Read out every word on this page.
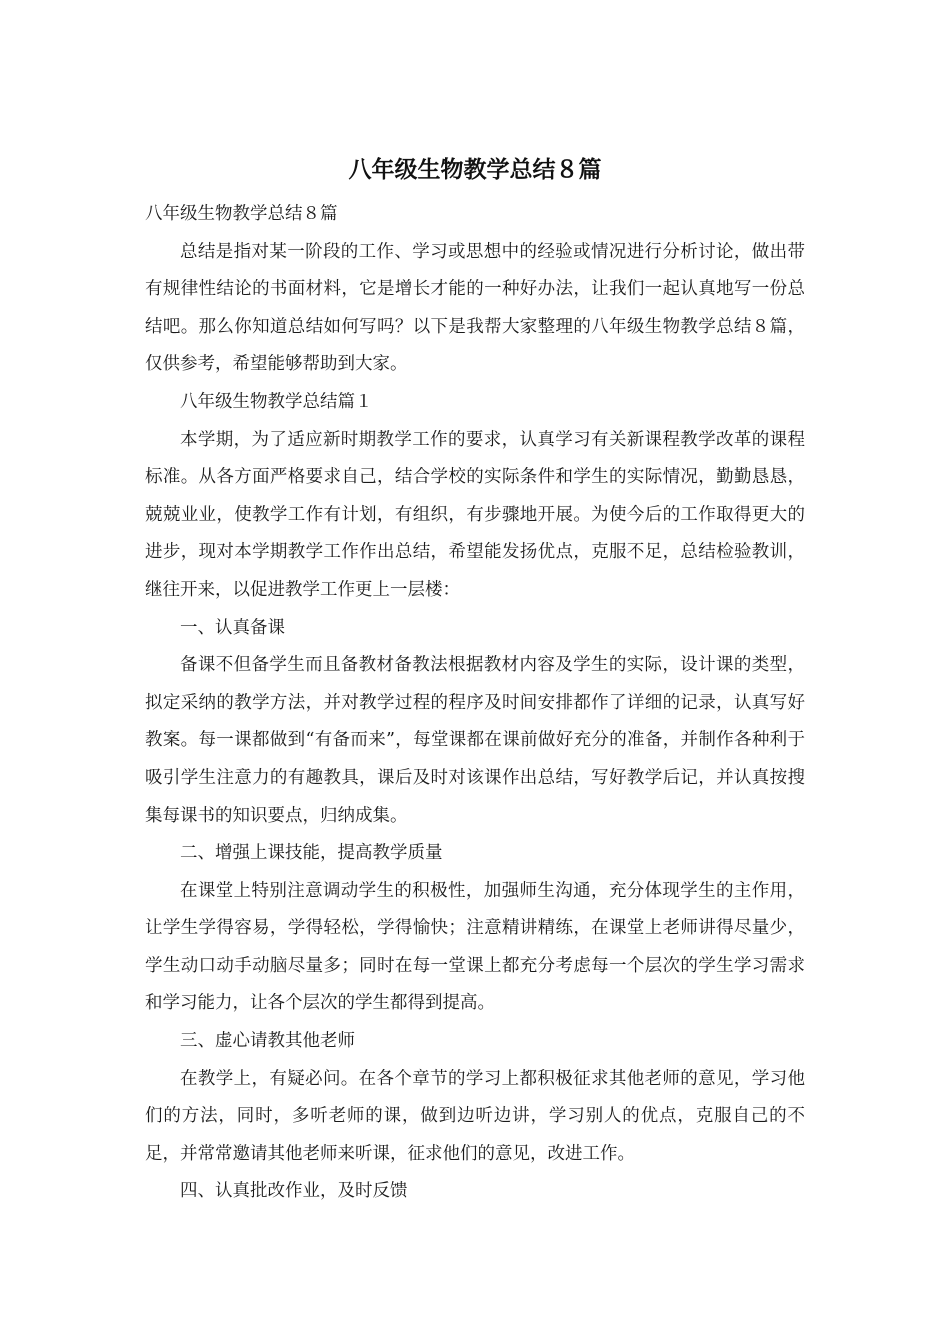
八年级生物教学总结８篇

八年级生物教学总结８篇

总结是指对某一阶段的工作、学习或思想中的经验或情况进行分析讨论，做出带有规律性结论的书面材料，它是增长才能的一种好办法，让我们一起认真地写一份总结吧。那么你知道总结如何写吗？以下是我帮大家整理的八年级生物教学总结８篇，仅供参考，希望能够帮助到大家。

八年级生物教学总结篇１

本学期，为了适应新时期教学工作的要求，认真学习有关新课程教学改革的课程标准。从各方面严格要求自己，结合学校的实际条件和学生的实际情况，勤勤恳恳，兢兢业业，使教学工作有计划，有组织，有步骤地开展。为使今后的工作取得更大的进步，现对本学期教学工作作出总结，希望能发扬优点，克服不足，总结检验教训，继往开来，以促进教学工作更上一层楼：

一、认真备课

备课不但备学生而且备教材备教法根据教材内容及学生的实际，设计课的类型，拟定采纳的教学方法，并对教学过程的程序及时间安排都作了详细的记录，认真写好教案。每一课都做到“有备而来”，每堂课都在课前做好充分的准备，并制作各种利于吸引学生注意力的有趣教具，课后及时对该课作出总结，写好教学后记，并认真按搜集每课书的知识要点，归纳成集。

二、增强上课技能，提高教学质量

在课堂上特别注意调动学生的积极性，加强师生沟通，充分体现学生的主作用，让学生学得容易，学得轻松，学得愉快；注意精讲精练，在课堂上老师讲得尽量少，学生动口动手动脑尽量多；同时在每一堂课上都充分考虑每一个层次的学生学习需求和学习能力，让各个层次的学生都得到提高。

三、虚心请教其他老师

在教学上，有疑必问。在各个章节的学习上都积极征求其他老师的意见，学习他们的方法，同时，多听老师的课，做到边听边讲，学习别人的优点，克服自己的不足，并常常邀请其他老师来听课，征求他们的意见，改进工作。

四、认真批改作业，及时反馈
